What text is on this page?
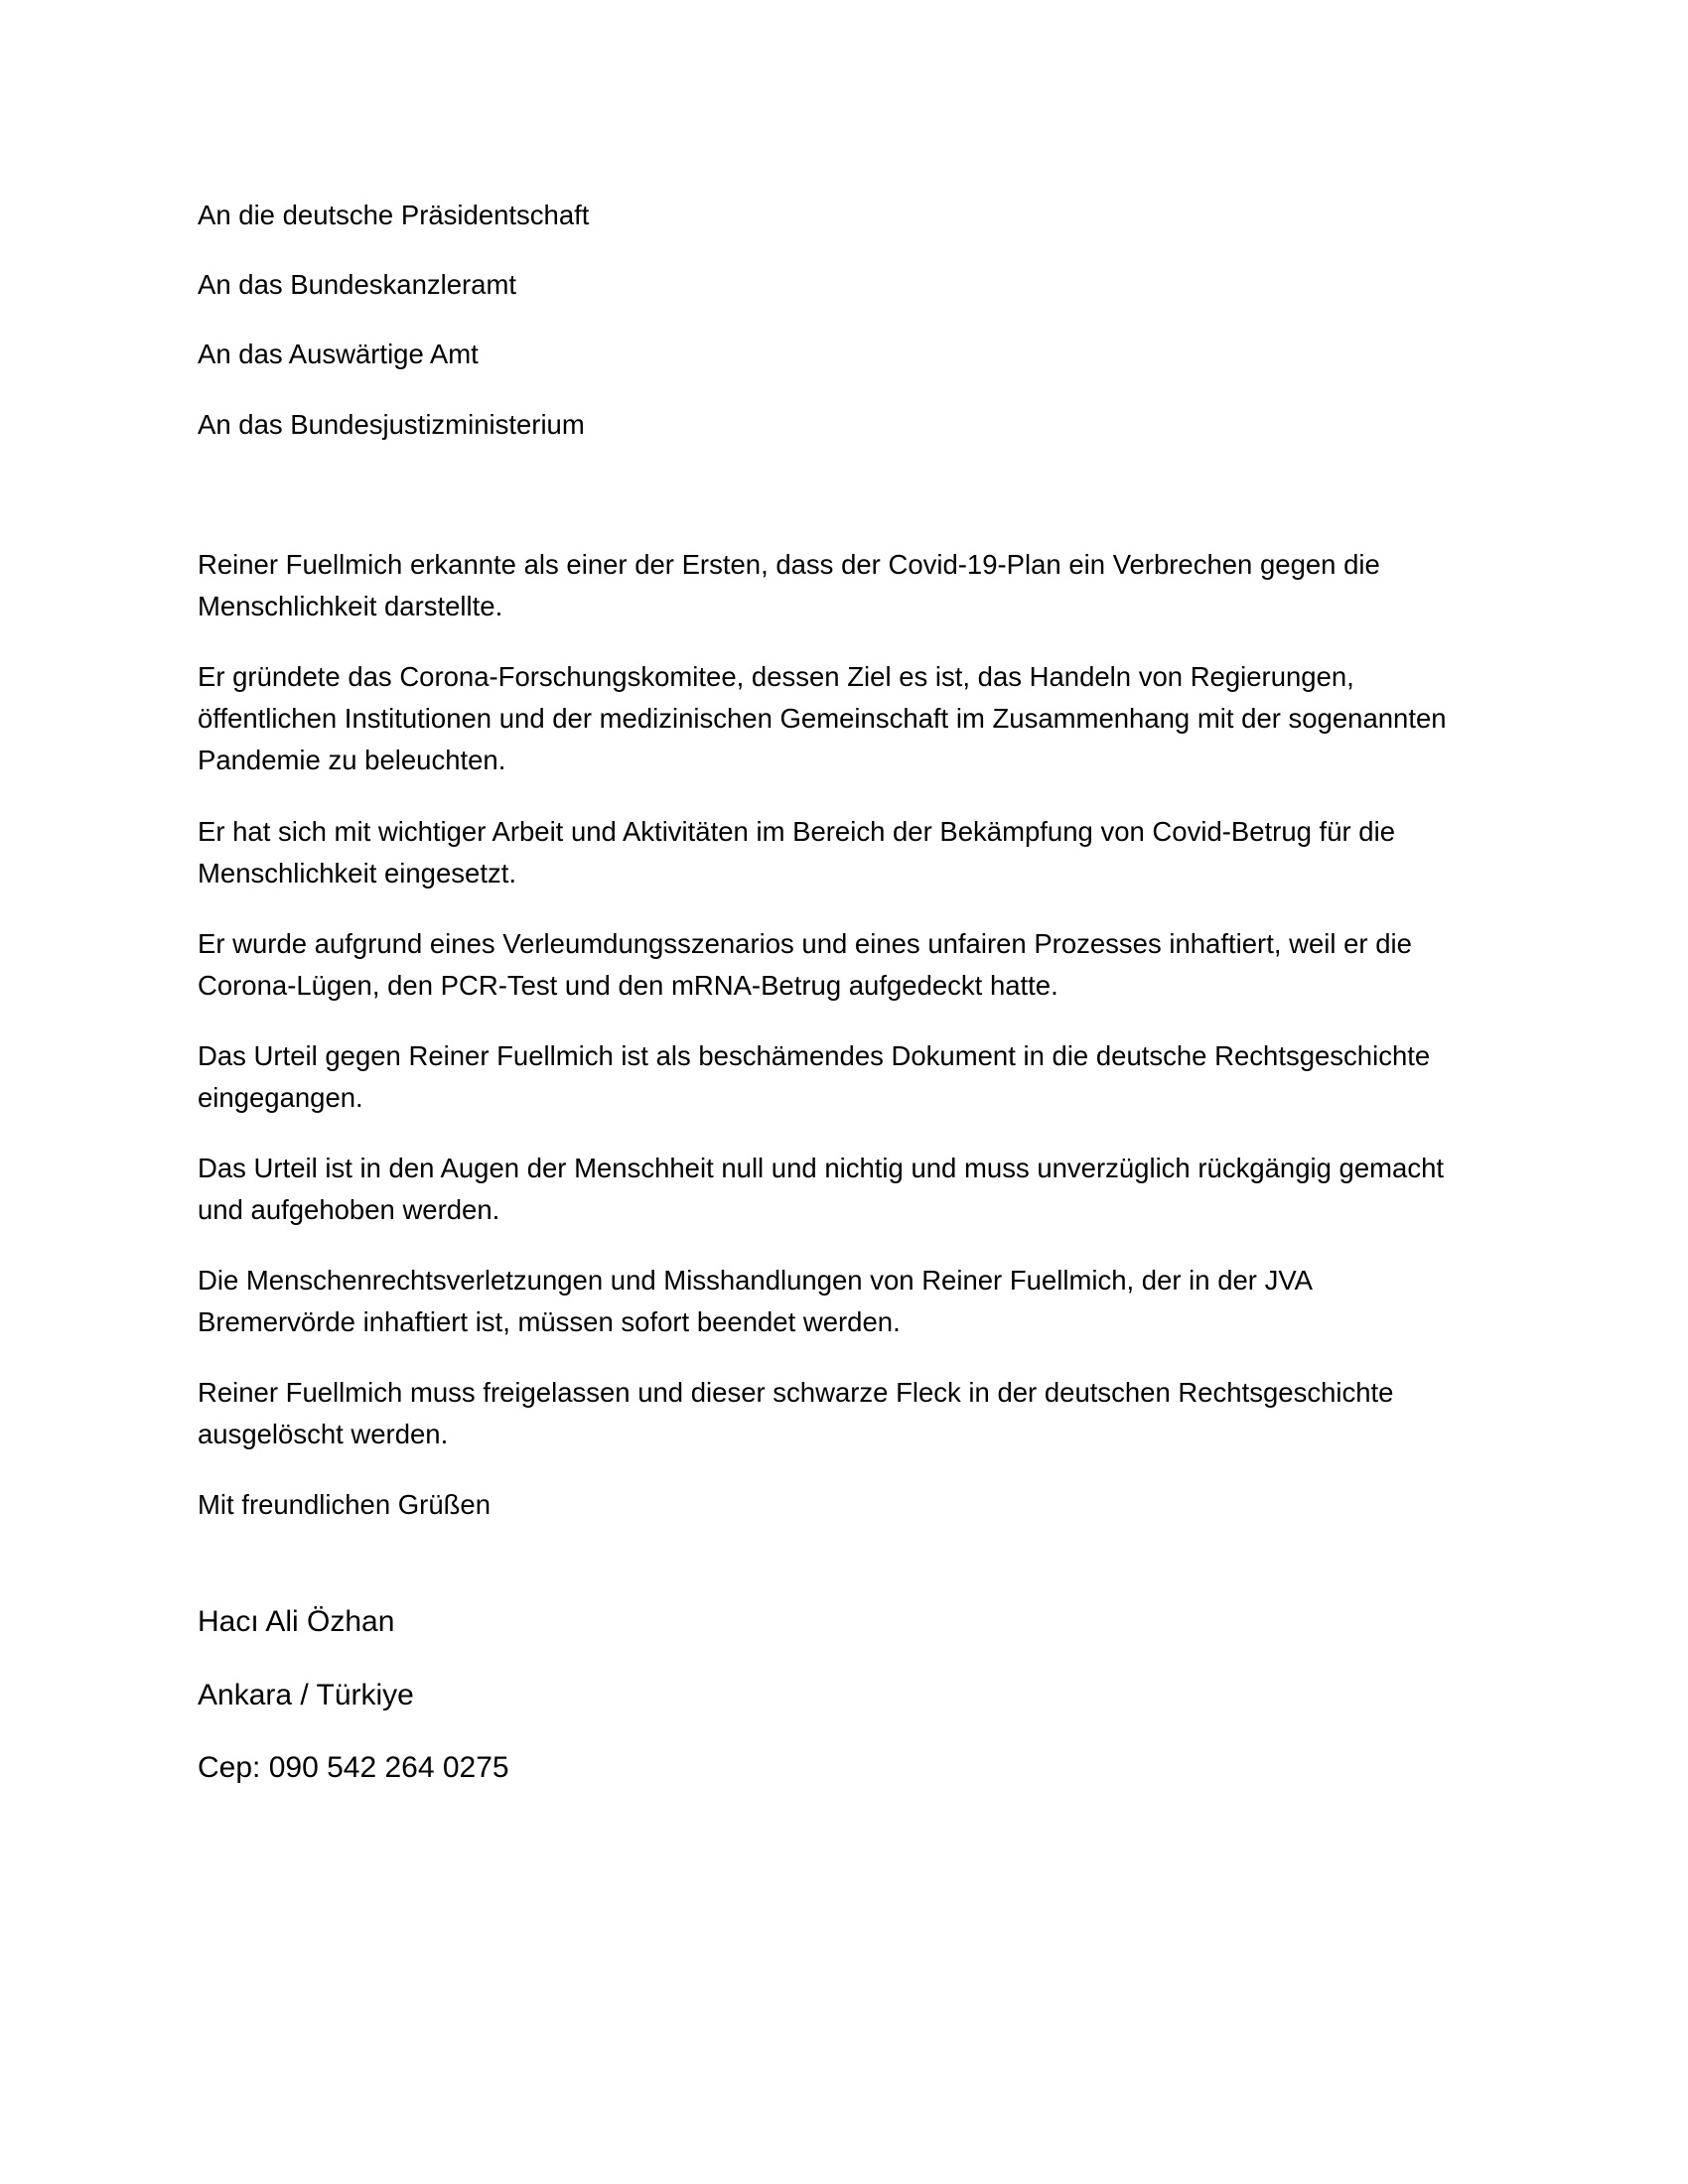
An die deutsche Präsidentschaft

An das Bundeskanzleramt

An das Auswärtige Amt

An das Bundesjustizministerium

Reiner Fuellmich erkannte als einer der Ersten, dass der Covid-19-Plan ein Verbrechen gegen die
Menschlichkeit darstellte.

Er gründete das Corona-Forschungskomitee, dessen Ziel es ist, das Handeln von Regierungen,
öffentlichen Institutionen und der medizinischen Gemeinschaft im Zusammenhang mit der sogenannten
Pandemie zu beleuchten.

Er hat sich mit wichtiger Arbeit und Aktivitäten im Bereich der Bekämpfung von Covid-Betrug für die
Menschlichkeit eingesetzt.

Er wurde aufgrund eines Verleumdungsszenarios und eines unfairen Prozesses inhaftiert, weil er die
Corona-Lügen, den PCR-Test und den mRNA-Betrug aufgedeckt hatte.

Das Urteil gegen Reiner Fuellmich ist als beschämendes Dokument in die deutsche Rechtsgeschichte
eingegangen.

Das Urteil ist in den Augen der Menschheit null und nichtig und muss unverzüglich rückgängig gemacht
und aufgehoben werden.

Die Menschenrechtsverletzungen und Misshandlungen von Reiner Fuellmich, der in der JVA
Bremervörde inhaftiert ist, müssen sofort beendet werden.

Reiner Fuellmich muss freigelassen und dieser schwarze Fleck in der deutschen Rechtsgeschichte
ausgelöscht werden.

Mit freundlichen Grüßen

Hacı Ali Özhan

Ankara / Türkiye

Cep: 090 542 264 0275
